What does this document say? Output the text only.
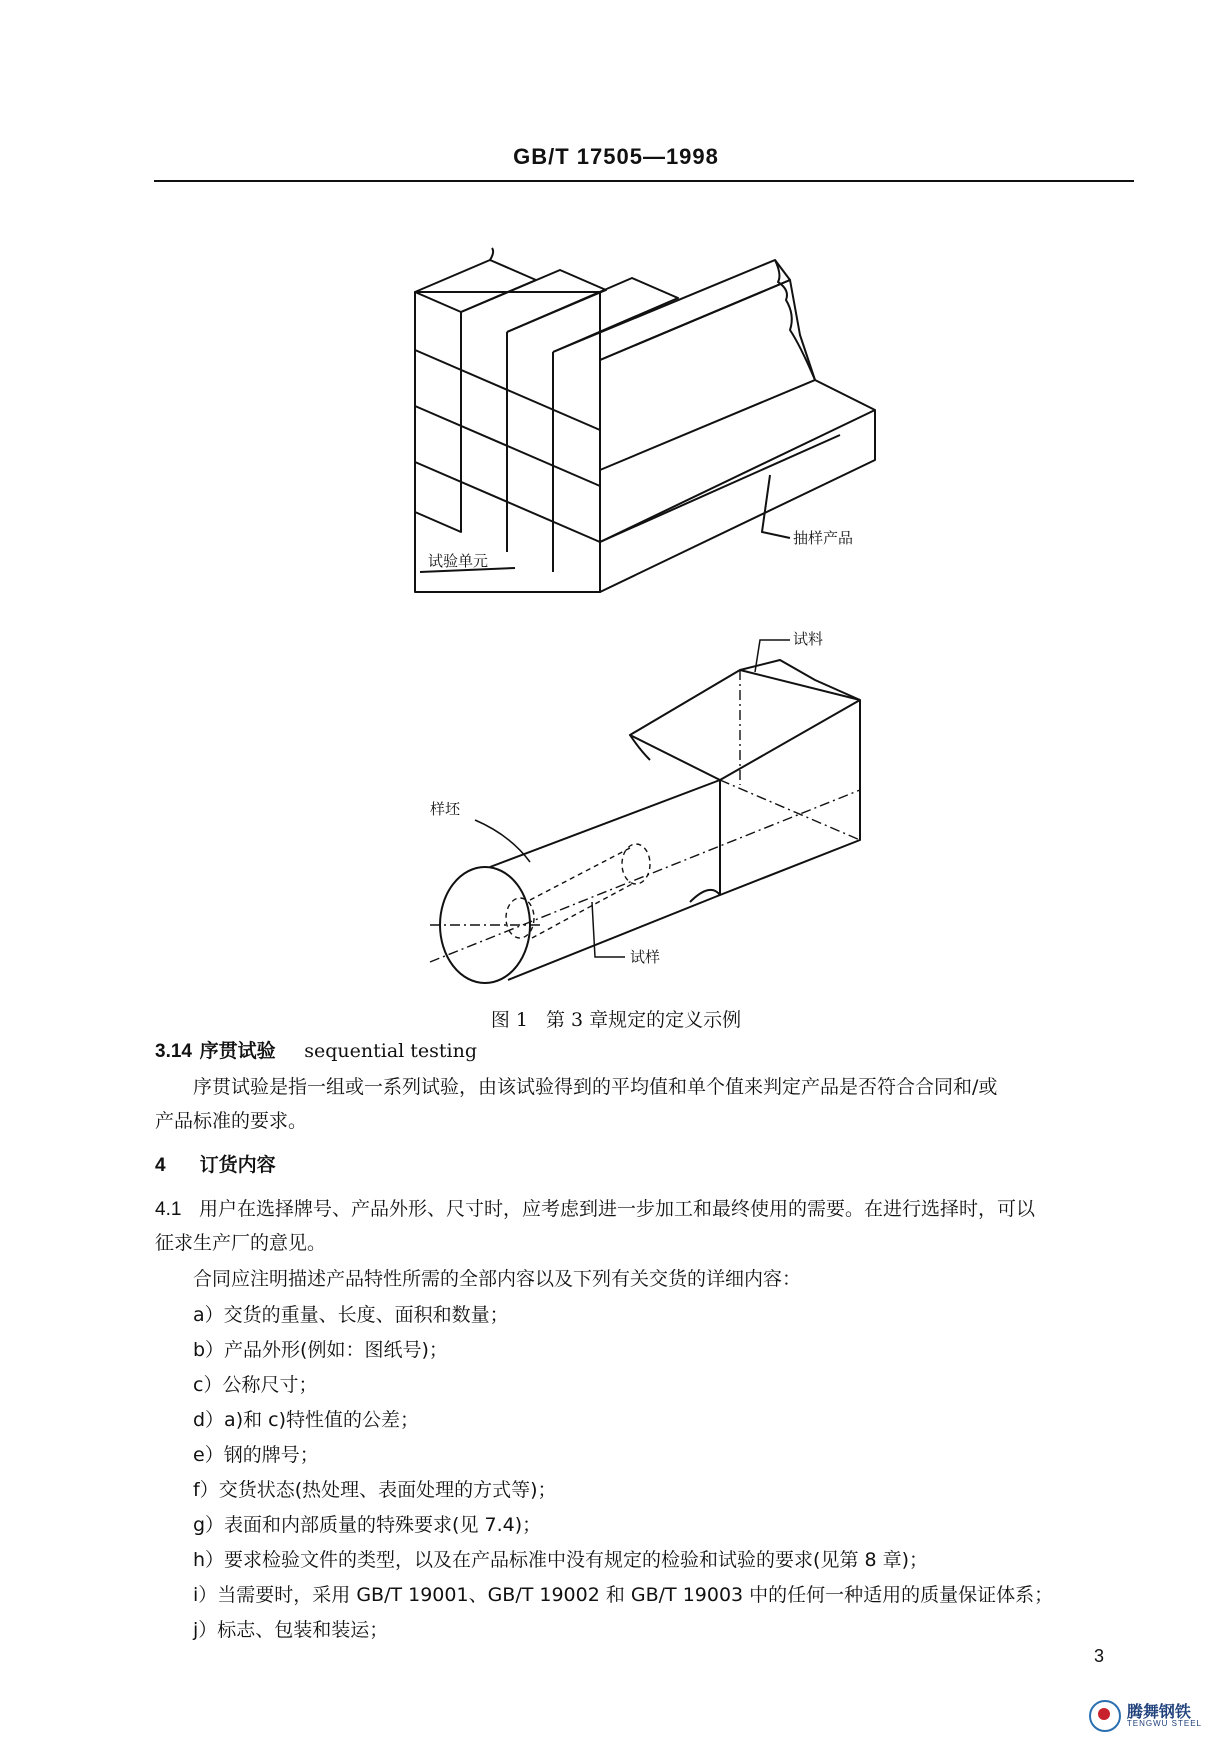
GB/T 17505—1998
抽样产品
试验单元
试料
样坯
试样
图 1 第 3 章规定的定义示例
3.14 序贯试验 sequential testing
序贯试验是指一组或一系列试验，由该试验得到的平均值和单个值来判定产品是否符合合同和/或
产品标准的要求。
4 订货内容
4.1 用户在选择牌号、产品外形、尺寸时，应考虑到进一步加工和最终使用的需要。在进行选择时，可以
征求生产厂的意见。
合同应注明描述产品特性所需的全部内容以及下列有关交货的详细内容：
a）交货的重量、长度、面积和数量；
b）产品外形(例如：图纸号)；
c）公称尺寸；
d）a)和 c)特性值的公差；
e）钢的牌号；
f）交货状态(热处理、表面处理的方式等)；
g）表面和内部质量的特殊要求(见 7.4)；
h）要求检验文件的类型，以及在产品标准中没有规定的检验和试验的要求(见第 8 章)；
i）当需要时，采用 GB/T 19001、GB/T 19002 和 GB/T 19003 中的任何一种适用的质量保证体系；
j）标志、包装和装运；
3
腾舞钢铁
TENGWU STEEL
